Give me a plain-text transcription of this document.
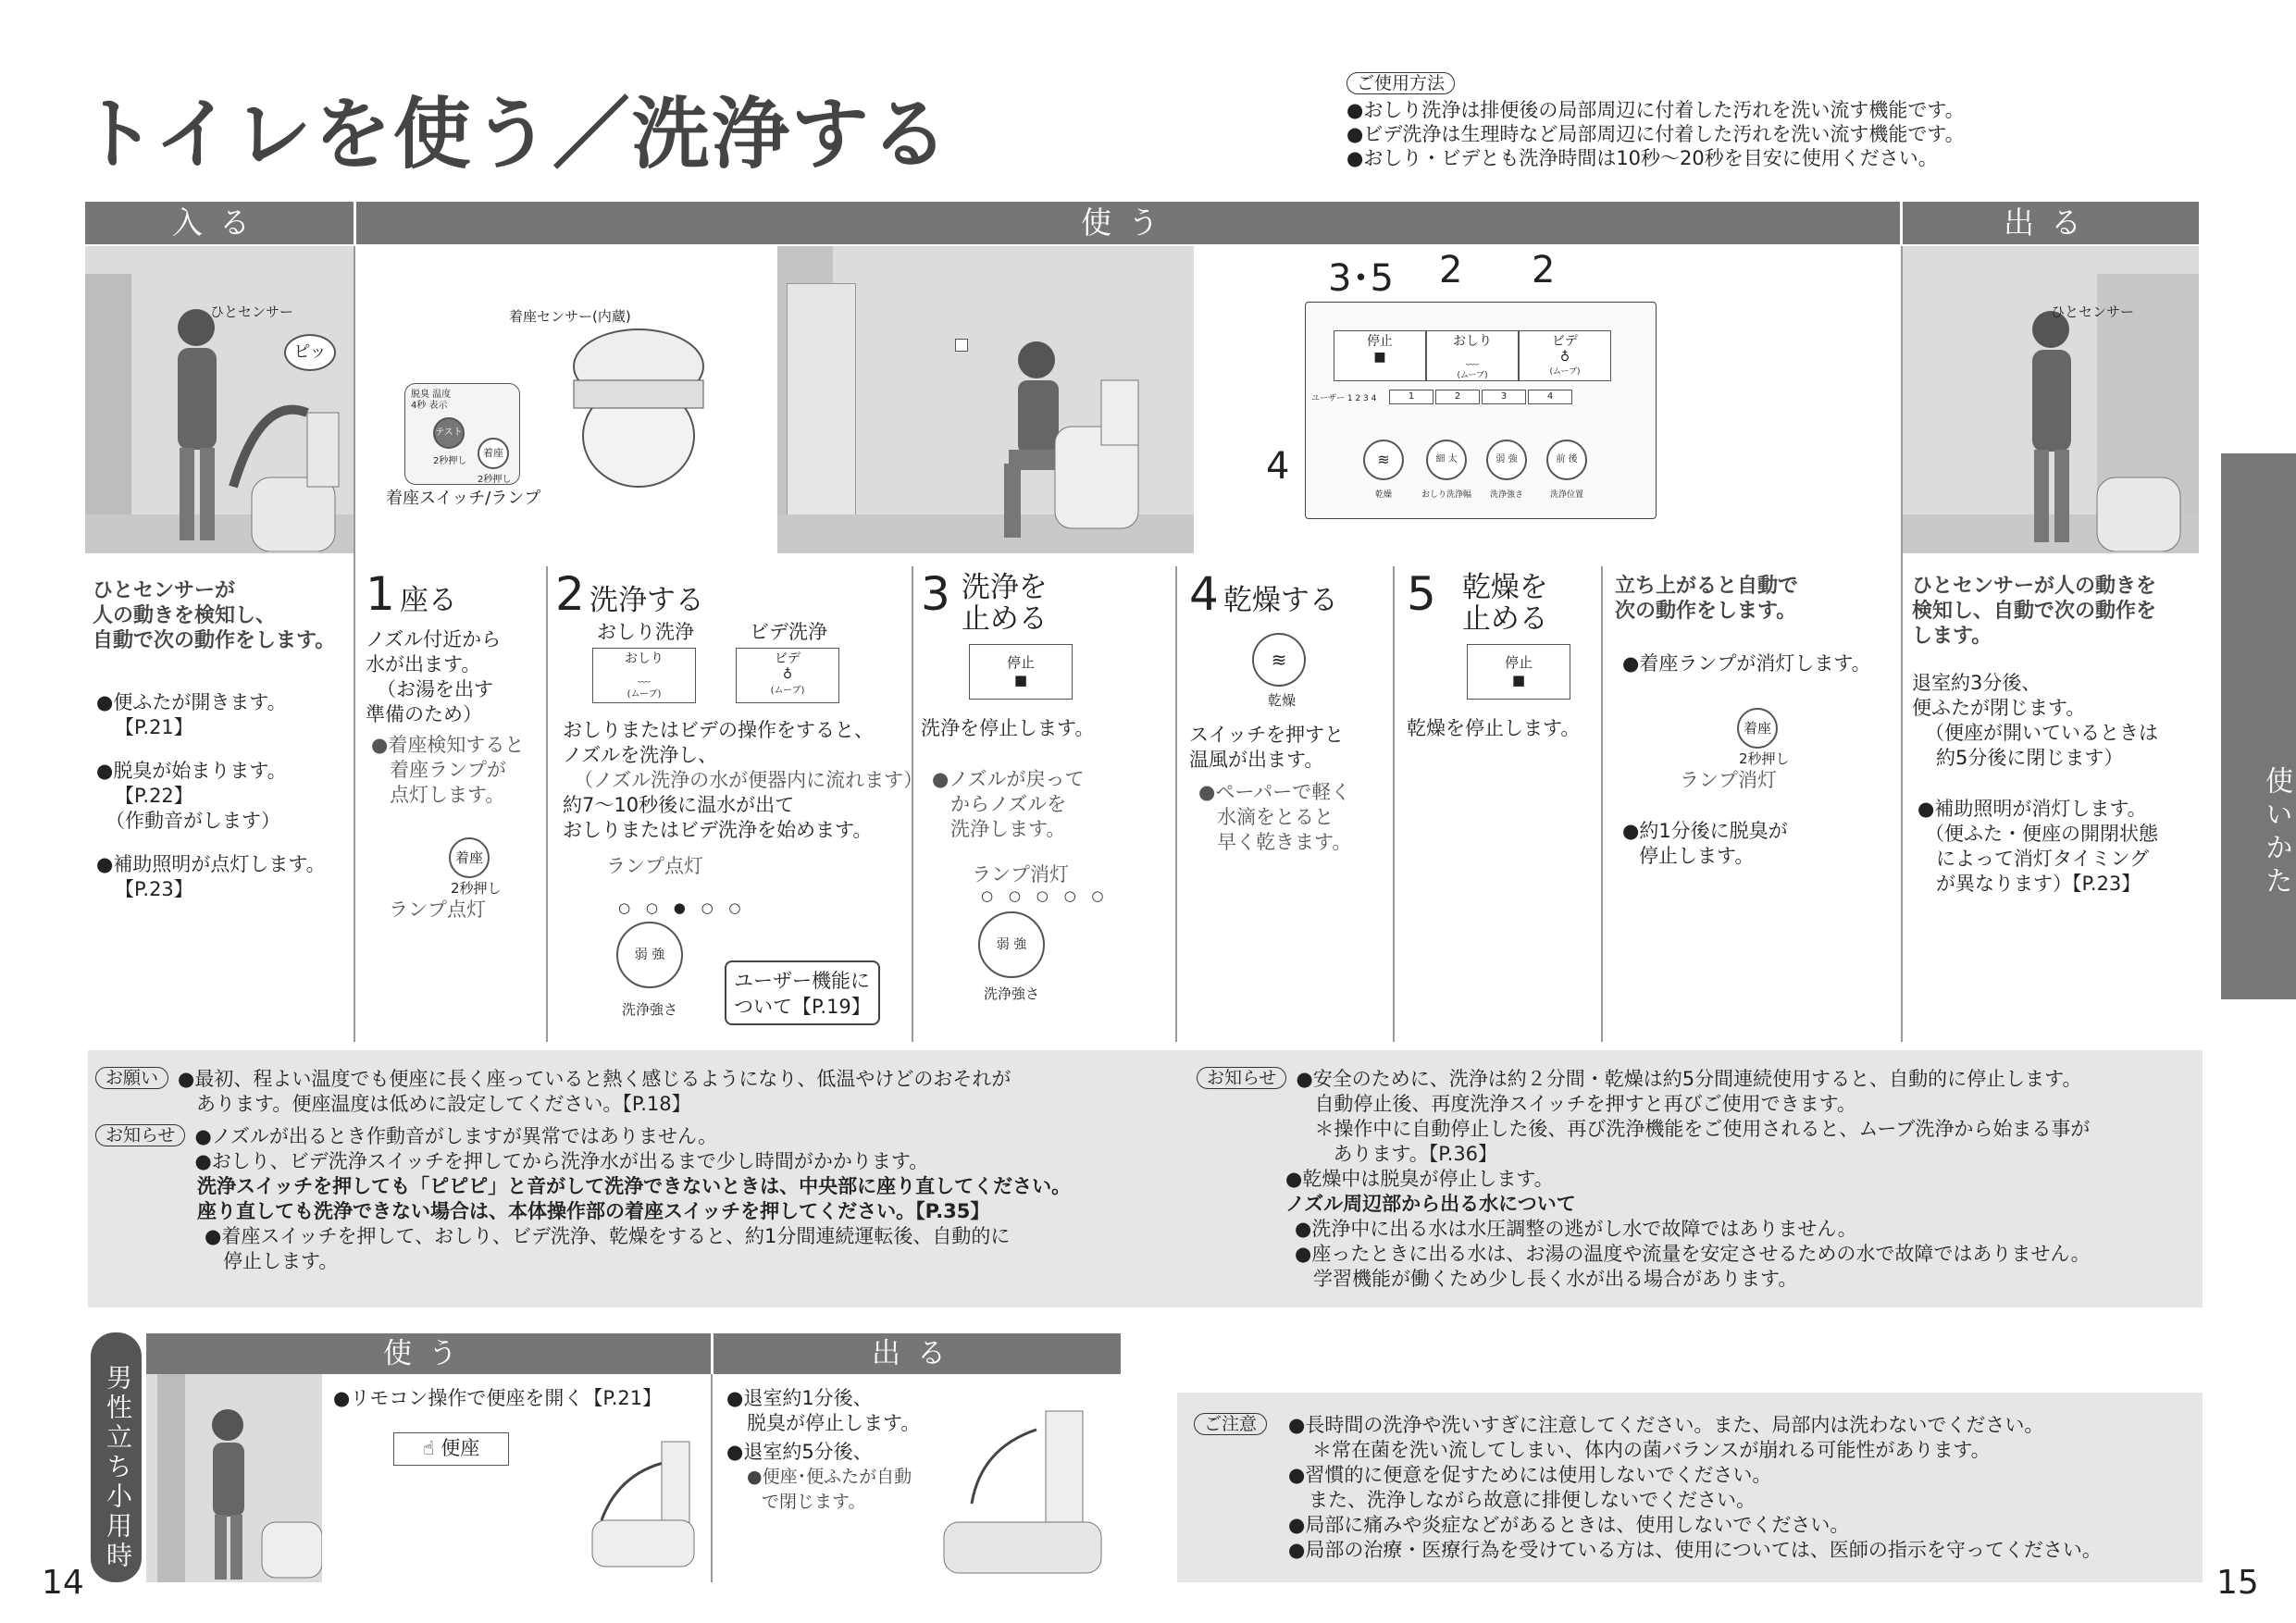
トイレを使う／洗浄する
ご使用方法

●おしり洗浄は排便後の局部周辺に付着した汚れを洗い流す機能です。
●ビデ洗浄は生理時など局部周辺に付着した汚れを洗い流す機能です。
●おしり・ビデとも洗浄時間は10秒～20秒を目安に使用ください。
入る	使う	出る
ひとセンサー
ピッ
着座センサー(内蔵)
脱臭 温度
4秒 表示
テスト
2秒押し
着座
2秒押し
着座スイッチ/ランプ
3･5 2 2
4
停止
■
おしり
﹏
(ムーブ)
ビデ
♁
(ムーブ)
ユーザー 1 2 3 4	1	2	3	4
≋
乾燥
細 太
おしり洗浄幅
弱 強
洗浄強さ
前 後
洗浄位置
ひとセンサー
ひとセンサーが
人の動きを検知し、
自動で次の動作をします。
●便ふたが開きます。
【P.21】
●脱臭が始まります。
【P.22】
（作動音がします）
●補助照明が点灯します。
【P.23】
1 座る
ノズル付近から
水が出ます。
（お湯を出す
準備のため）
●着座検知すると
着座ランプが
点灯します。
着座
2秒押し
ランプ点灯
2 洗浄する
おしり洗浄	ビデ洗浄
おしり
﹏
(ムーブ)
ビデ
♁
(ムーブ)
おしりまたはビデの操作をすると、
ノズルを洗浄し、
（ノズル洗浄の水が便器内に流れます）
約7～10秒後に温水が出て
おしりまたはビデ洗浄を始めます。
ランプ点灯
○ ○ ● ○ ○
弱 強
洗浄強さ
ユーザー機能に
ついて【P.19】
3 洗浄を
止める
停止
■
洗浄を停止します。
●ノズルが戻って
からノズルを
洗浄します。
ランプ消灯
○ ○ ○ ○ ○
弱 強
洗浄強さ
4 乾燥する
≋
乾燥
スイッチを押すと
温風が出ます。
●ペーパーで軽く
水滴をとると
早く乾きます。
5 乾燥を
止める
停止
■
乾燥を停止します。
立ち上がると自動で
次の動作をします。
●着座ランプが消灯します。
着座
2秒押し
ランプ消灯
●約1分後に脱臭が
停止します。
ひとセンサーが人の動きを
検知し、自動で次の動作を
します。
退室約3分後、
便ふたが閉じます。
（便座が開いているときは
約5分後に閉じます）
●補助照明が消灯します。
（便ふた・便座の開閉状態
によって消灯タイミング
が異なります）【P.23】	使いかた
お願い	●最初、程よい温度でも便座に長く座っていると熱く感じるようになり、低温やけどのおそれが
あります。便座温度は低めに設定してください。【P.18】
お知らせ	●ノズルが出るとき作動音がしますが異常ではありません。
●おしり、ビデ洗浄スイッチを押してから洗浄水が出るまで少し時間がかかります。
洗浄スイッチを押しても「ピピピ」と音がして洗浄できないときは、中央部に座り直してください。
座り直しても洗浄できない場合は、本体操作部の着座スイッチを押してください。【P.35】
●着座スイッチを押して、おしり、ビデ洗浄、乾燥をすると、約1分間連続運転後、自動的に
停止します。
お知らせ	●安全のために、洗浄は約２分間・乾燥は約5分間連続使用すると、自動的に停止します。
自動停止後、再度洗浄スイッチを押すと再びご使用できます。
＊操作中に自動停止した後、再び洗浄機能をご使用されると、ムーブ洗浄から始まる事が
あります。【P.36】
●乾燥中は脱臭が停止します。
ノズル周辺部から出る水について
●洗浄中に出る水は水圧調整の逃がし水で故障ではありません。
●座ったときに出る水は、お湯の温度や流量を安定させるための水で故障ではありません。
学習機能が働くため少し長く水が出る場合があります。
男性立ち小用時
使う	出る
●リモコン操作で便座を開く【P.21】
☝ 便座
●退室約1分後、
脱臭が停止します。
●退室約5分後、
●便座･便ふたが自動
で閉じます。
ご注意	●長時間の洗浄や洗いすぎに注意してください。また、局部内は洗わないでください。
＊常在菌を洗い流してしまい、体内の菌バランスが崩れる可能性があります。
●習慣的に便意を促すためには使用しないでください。
また、洗浄しながら故意に排便しないでください。
●局部に痛みや炎症などがあるときは、使用しないでください。
●局部の治療・医療行為を受けている方は、使用については、医師の指示を守ってください。
14	15
